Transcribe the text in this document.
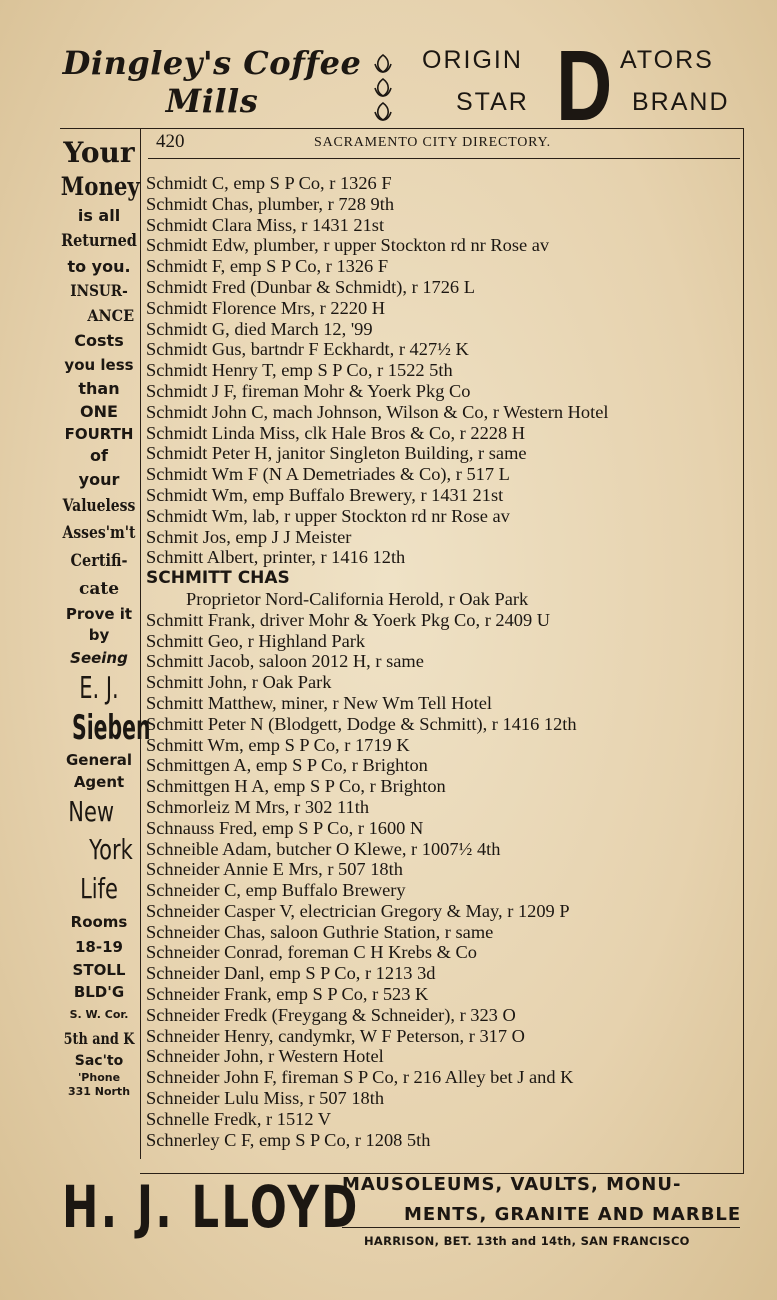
Dingley's Coffee
Mills
ORIGIN D ATORS
STAR	BRAND
420	SACRAMENTO CITY DIRECTORY.
Your
Money
is all
Returned
to you.
INSUR-
ANCE
Costs
you less
than
ONE
FOURTH
of
your
Valueless
Asses'm't
Certifi-
cate
Prove it
by
Seeing
E. J.
Sieben
General
Agent
New
York
Life
Rooms
18-19
STOLL
BLD'G
S. W. Cor.
5th and K
Sac'to
'Phone
331 North
Schmidt C, emp S P Co, r 1326 F
Schmidt Chas, plumber, r 728 9th
Schmidt Clara Miss, r 1431 21st
Schmidt Edw, plumber, r upper Stockton rd nr Rose av
Schmidt F, emp S P Co, r 1326 F
Schmidt Fred (Dunbar & Schmidt), r 1726 L
Schmidt Florence Mrs, r 2220 H
Schmidt G, died March 12, '99
Schmidt Gus, bartndr F Eckhardt, r 427½ K
Schmidt Henry T, emp S P Co, r 1522 5th
Schmidt J F, fireman Mohr & Yoerk Pkg Co
Schmidt John C, mach Johnson, Wilson & Co, r Western Hotel
Schmidt Linda Miss, clk Hale Bros & Co, r 2228 H
Schmidt Peter H, janitor Singleton Building, r same
Schmidt Wm F (N A Demetriades & Co), r 517 L
Schmidt Wm, emp Buffalo Brewery, r 1431 21st
Schmidt Wm, lab, r upper Stockton rd nr Rose av
Schmit Jos, emp J J Meister
Schmitt Albert, printer, r 1416 12th
SCHMITT CHAS
Proprietor Nord-California Herold, r Oak Park
Schmitt Frank, driver Mohr & Yoerk Pkg Co, r 2409 U
Schmitt Geo, r Highland Park
Schmitt Jacob, saloon 2012 H, r same
Schmitt John, r Oak Park
Schmitt Matthew, miner, r New Wm Tell Hotel
Schmitt Peter N (Blodgett, Dodge & Schmitt), r 1416 12th
Schmitt Wm, emp S P Co, r 1719 K
Schmittgen A, emp S P Co, r Brighton
Schmittgen H A, emp S P Co, r Brighton
Schmorleiz M Mrs, r 302 11th
Schnauss Fred, emp S P Co, r 1600 N
Schneible Adam, butcher O Klewe, r 1007½ 4th
Schneider Annie E Mrs, r 507 18th
Schneider C, emp Buffalo Brewery
Schneider Casper V, electrician Gregory & May, r 1209 P
Schneider Chas, saloon Guthrie Station, r same
Schneider Conrad, foreman C H Krebs & Co
Schneider Danl, emp S P Co, r 1213 3d
Schneider Frank, emp S P Co, r 523 K
Schneider Fredk (Freygang & Schneider), r 323 O
Schneider Henry, candymkr, W F Peterson, r 317 O
Schneider John, r Western Hotel
Schneider John F, fireman S P Co, r 216 Alley bet J and K
Schneider Lulu Miss, r 507 18th
Schnelle Fredk, r 1512 V
Schnerley C F, emp S P Co, r 1208 5th
H. J. LLOYD
MAUSOLEUMS, VAULTS, MONU-
MENTS, GRANITE AND MARBLE
HARRISON, BET. 13th and 14th, SAN FRANCISCO
